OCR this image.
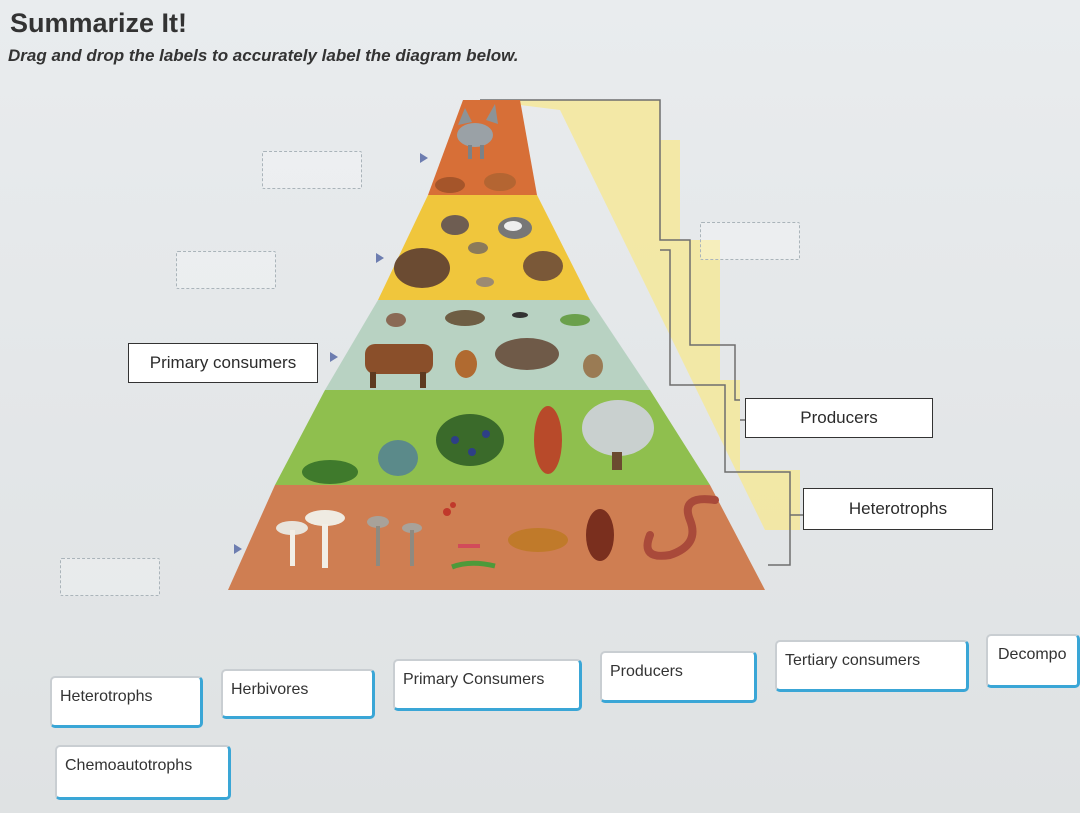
Summarize It!
Drag and drop the labels to accurately label the diagram below.
Primary consumers
Producers
Heterotrophs
Heterotrophs	Herbivores
Primary Consumers	Producers
Tertiary consumers	Decompo
Chemoautotrophs
